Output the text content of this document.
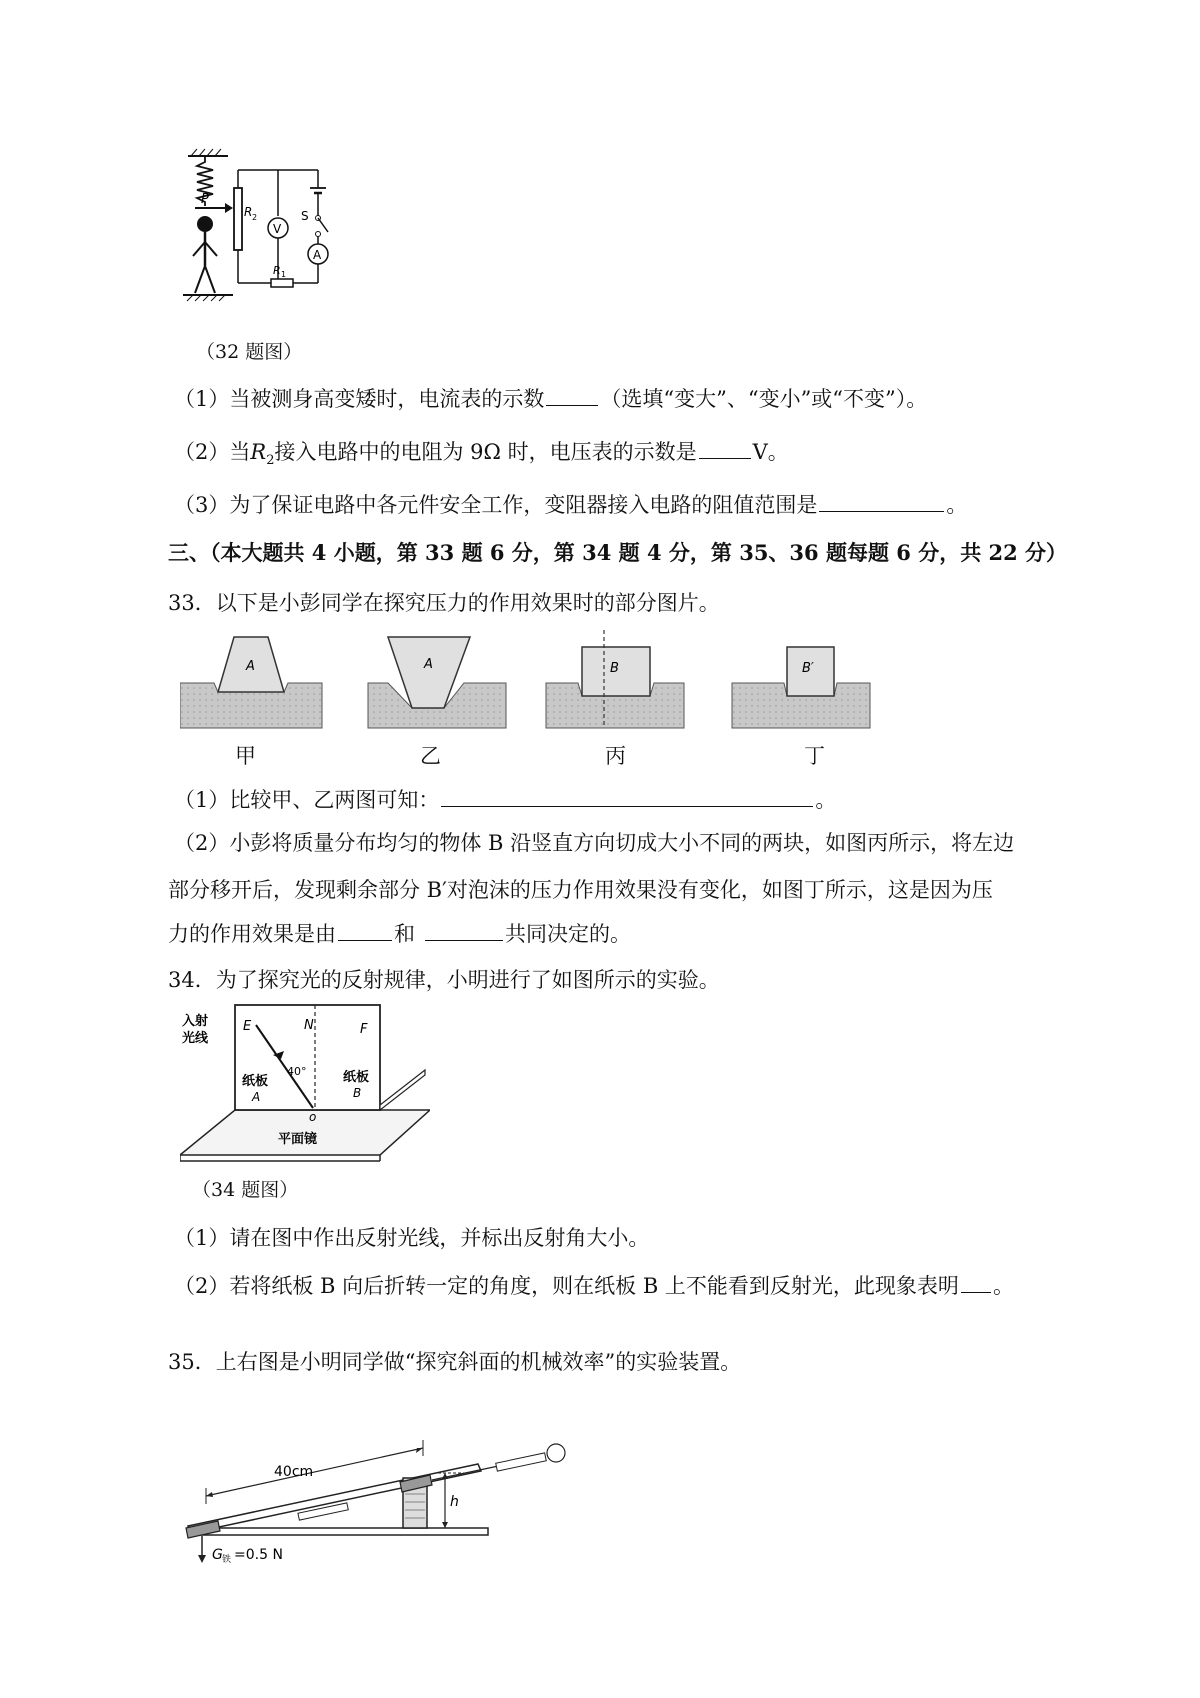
P
R 2
V
R 1
S
A
（32 题图）
（1）当被测身高变矮时，电流表的示数	（选填“变大”、“变小”或“不变”）。
（2）当$R_2$接入电路中的电阻为 9Ω 时，电压表的示数是	V。
（3）为了保证电路中各元件安全工作，变阻器接入电路的阻值范围是	。
三、（本大题共 4 小题，第 33 题 6 分，第 34 题 4 分，第 35、36 题每题 6 分，共 22 分）
33．以下是小彭同学在探究压力的作用效果时的部分图片。
A	A	B	B′
甲	乙	丙	丁
（1）比较甲、乙两图可知：	。
（2）小彭将质量分布均匀的物体 B 沿竖直方向切成大小不同的两块，如图丙所示，将左边
部分移开后，发现剩余部分 B′对泡沫的压力作用效果没有变化，如图丁所示，这是因为压
力的作用效果是由	和	共同决定的。
34．为了探究光的反射规律，小明进行了如图所示的实验。
平面镜
入射
光线
E	N	F
40°
纸板
A
纸板
B
o
（34 题图）
（1）请在图中作出反射光线，并标出反射角大小。
（2）若将纸板 B 向后折转一定的角度，则在纸板 B 上不能看到反射光，此现象表明 。
35．上右图是小明同学做“探究斜面的机械效率”的实验装置。
h
40cm
G 铁 =0.5 N
